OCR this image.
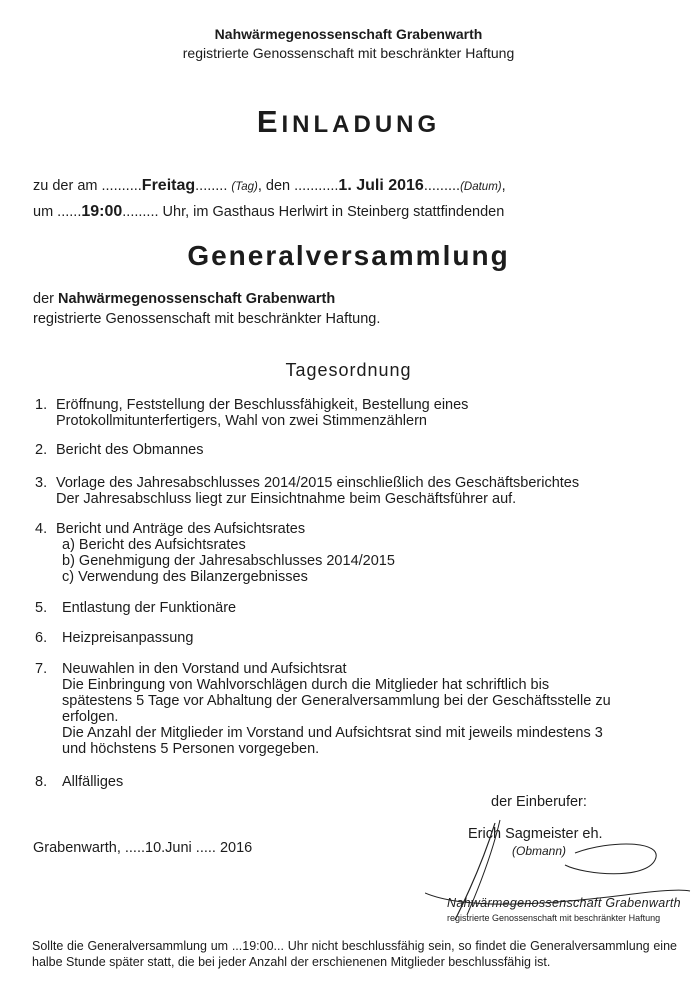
Nahwärmegenossenschaft Grabenwarth
registrierte Genossenschaft mit beschränkter Haftung
EINLADUNG
zu der am ..........Freitag........ (Tag), den ...........1. Juli 2016.........(Datum),
um ......19:00......... Uhr, im Gasthaus Herlwirt in Steinberg stattfindenden
Generalversammlung
der Nahwärmegenossenschaft Grabenwarth
registrierte Genossenschaft mit beschränkter Haftung.
Tagesordnung
1. Eröffnung, Feststellung der Beschlussfähigkeit, Bestellung eines
Protokollmitunterfertigers, Wahl von zwei Stimmenzählern
2. Bericht des Obmannes
3. Vorlage des Jahresabschlusses 2014/2015 einschließlich des Geschäftsberichtes
Der Jahresabschluss liegt zur Einsichtnahme beim Geschäftsführer auf.
4. Bericht und Anträge des Aufsichtsrates
a) Bericht des Aufsichtsrates
b) Genehmigung der Jahresabschlusses 2014/2015
c) Verwendung des Bilanzergebnisses
5. Entlastung der Funktionäre
6. Heizpreisanpassung
7. Neuwahlen in den Vorstand und Aufsichtsrat
Die Einbringung von Wahlvorschlägen durch die Mitglieder hat schriftlich bis
spätestens 5 Tage vor Abhaltung der Generalversammlung bei der Geschäftsstelle zu
erfolgen.
Die Anzahl der Mitglieder im Vorstand und Aufsichtsrat sind mit jeweils mindestens 3
und höchstens 5 Personen vorgegeben.
8. Allfälliges
der Einberufer:
Erich Sagmeister eh.
(Obmann)
Nahwärmegenossenschaft Grabenwarth
registrierte Genossenschaft mit beschränkter Haftung
Grabenwarth, .....10.Juni ..... 2016
Sollte die Generalversammlung um ...19:00... Uhr nicht beschlussfähig sein, so findet die Generalversammlung eine halbe Stunde später statt, die bei jeder Anzahl der erschienenen Mitglieder beschlussfähig ist.
